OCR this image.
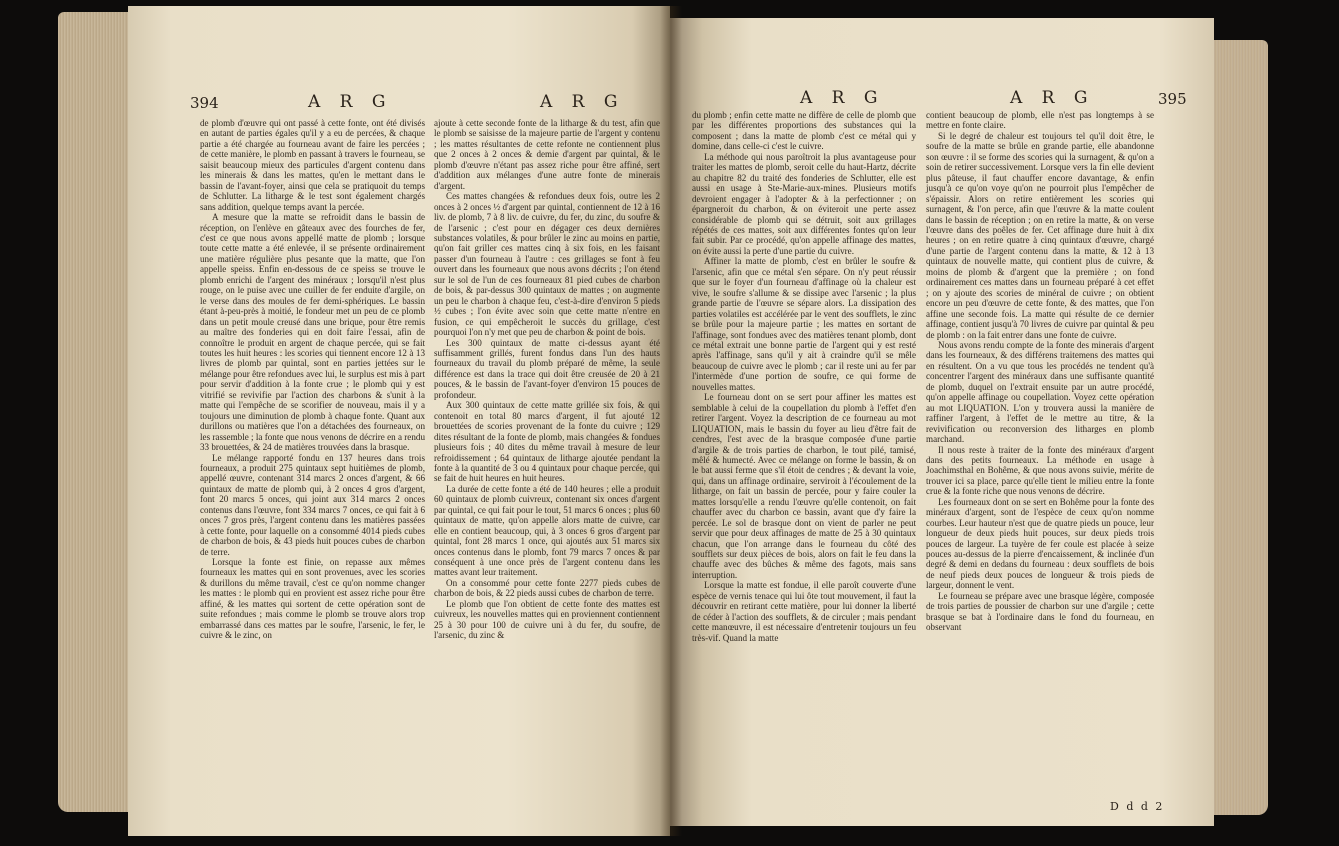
394	A R G	A R G

de plomb d'œuvre qui ont passé à cette fonte, ont été divisés en autant de parties égales qu'il y a eu de percées, & chaque partie a été chargée au fourneau avant de faire les percées ; de cette manière, le plomb en passant à travers le fourneau, se saisit beaucoup mieux des particules d'argent contenu dans les minerais & dans les mattes, qu'en le mettant dans le bassin de l'avant-foyer, ainsi que cela se pratiquoit du temps de Schlutter. La litharge & le test sont également chargés sans addition, quelque temps avant la percée.

A mesure que la matte se refroidit dans le bassin de réception, on l'enlève en gâteaux avec des fourches de fer, c'est ce que nous avons appellé matte de plomb ; lorsque toute cette matte a été enlevée, il se présente ordinairement une matière régulière plus pesante que la matte, que l'on appelle speiss. Enfin en-dessous de ce speiss se trouve le plomb enrichi de l'argent des minéraux ; lorsqu'il n'est plus rouge, on le puise avec une cuiller de fer enduite d'argile, on le verse dans des moules de fer demi-sphériques. Le bassin étant à-peu-près à moitié, le fondeur met un peu de ce plomb dans un petit moule creusé dans une brique, pour être remis au maître des fonderies qui en doit faire l'essai, afin de connoître le produit en argent de chaque percée, qui se fait toutes les huit heures : les scories qui tiennent encore 12 à 13 livres de plomb par quintal, sont en parties jettées sur le mélange pour être refondues avec lui, le surplus est mis à part pour servir d'addition à la fonte crue ; le plomb qui y est vitrifié se revivifie par l'action des charbons & s'unit à la matte qui l'empêche de se scorifier de nouveau, mais il y a toujours une diminution de plomb à chaque fonte. Quant aux durillons ou matières que l'on a détachées des fourneaux, on les rassemble ; la fonte que nous venons de décrire en a rendu 33 brouettées, & 24 de matières trouvées dans la brasque.

Le mélange rapporté fondu en 137 heures dans trois fourneaux, a produit 275 quintaux sept huitièmes de plomb, appellé œuvre, contenant 314 marcs 2 onces d'argent, & 66 quintaux de matte de plomb qui, à 2 onces 4 gros d'argent, font 20 marcs 5 onces, qui joint aux 314 marcs 2 onces contenus dans l'œuvre, font 334 marcs 7 onces, ce qui fait à 6 onces 7 gros près, l'argent contenu dans les matières passées à cette fonte, pour laquelle on a consommé 4014 pieds cubes de charbon de bois, & 43 pieds huit pouces cubes de charbon de terre.

Lorsque la fonte est finie, on repasse aux mêmes fourneaux les mattes qui en sont provenues, avec les scories & durillons du même travail, c'est ce qu'on nomme changer les mattes : le plomb qui en provient est assez riche pour être affiné, & les mattes qui sortent de cette opération sont de suite refondues ; mais comme le plomb se trouve alors trop embarrassé dans ces mattes par le soufre, l'arsenic, le fer, le cuivre & le zinc, on

ajoute à cette seconde fonte de la litharge & du test, afin que le plomb se saisisse de la majeure partie de l'argent y contenu ; les mattes résultantes de cette refonte ne contiennent plus que 2 onces à 2 onces & demie d'argent par quintal, & le plomb d'œuvre n'étant pas assez riche pour être affiné, sert d'addition aux mélanges d'une autre fonte de minerais d'argent.

Ces mattes changées & refondues deux fois, outre les 2 onces à 2 onces ½ d'argent par quintal, contiennent de 12 à 16 liv. de plomb, 7 à 8 liv. de cuivre, du fer, du zinc, du soufre & de l'arsenic ; c'est pour en dégager ces deux dernières substances volatiles, & pour brûler le zinc au moins en partie, qu'on fait griller ces mattes cinq à six fois, en les faisant passer d'un fourneau à l'autre : ces grillages se font à feu ouvert dans les fourneaux que nous avons décrits ; l'on étend sur le sol de l'un de ces fourneaux 81 pied cubes de charbon de bois, & par-dessus 300 quintaux de mattes ; on augmente un peu le charbon à chaque feu, c'est-à-dire d'environ 5 pieds ½ cubes ; l'on évite avec soin que cette matte n'entre en fusion, ce qui empêcheroit le succès du grillage, c'est pourquoi l'on n'y met que peu de charbon & point de bois.

Les 300 quintaux de matte ci-dessus ayant été suffisamment grillés, furent fondus dans l'un des hauts fourneaux du travail du plomb préparé de même, la seule différence est dans la trace qui doit être creusée de 20 à 21 pouces, & le bassin de l'avant-foyer d'environ 15 pouces de profondeur.

Aux 300 quintaux de cette matte grillée six fois, & qui contenoit en total 80 marcs d'argent, il fut ajouté 12 brouettées de scories provenant de la fonte du cuivre ; 129 dites résultant de la fonte de plomb, mais changées & fondues plusieurs fois ; 40 dites du même travail à mesure de leur refroidissement ; 64 quintaux de litharge ajoutée pendant la fonte à la quantité de 3 ou 4 quintaux pour chaque percée, qui se fait de huit heures en huit heures.

La durée de cette fonte a été de 140 heures ; elle a produit 60 quintaux de plomb cuivreux, contenant six onces d'argent par quintal, ce qui fait pour le tout, 51 marcs 6 onces ; plus 60 quintaux de matte, qu'on appelle alors matte de cuivre, car elle en contient beaucoup, qui, à 3 onces 6 gros d'argent par quintal, font 28 marcs 1 once, qui ajoutés aux 51 marcs six onces contenus dans le plomb, font 79 marcs 7 onces & par conséquent à une once près de l'argent contenu dans les mattes avant leur traitement.

On a consommé pour cette fonte 2277 pieds cubes de charbon de bois, & 22 pieds aussi cubes de charbon de terre.

Le plomb que l'on obtient de cette fonte des mattes est cuivreux, les nouvelles mattes qui en proviennent contiennent 25 à 30 pour 100 de cuivre uni à du fer, du soufre, de l'arsenic, du zinc &

A R G	A R G	395

du plomb ; enfin cette matte ne diffère de celle de plomb que par les différentes proportions des substances qui la composent ; dans la matte de plomb c'est ce métal qui y domine, dans celle-ci c'est le cuivre.

La méthode qui nous paroîtroit la plus avantageuse pour traiter les mattes de plomb, seroit celle du haut-Hartz, décrite au chapitre 82 du traité des fonderies de Schlutter, elle est aussi en usage à Ste-Marie-aux-mines. Plusieurs motifs devroient engager à l'adopter & à la perfectionner ; on épargneroit du charbon, & on éviteroit une perte assez considérable de plomb qui se détruit, soit aux grillages répétés de ces mattes, soit aux différentes fontes qu'on leur fait subir. Par ce procédé, qu'on appelle affinage des mattes, on évite aussi la perte d'une partie du cuivre.

Affiner la matte de plomb, c'est en brûler le soufre & l'arsenic, afin que ce métal s'en sépare. On n'y peut réussir que sur le foyer d'un fourneau d'affinage où la chaleur est vive, le soufre s'allume & se dissipe avec l'arsenic ; la plus grande partie de l'œuvre se sépare alors. La dissipation des parties volatiles est accélérée par le vent des soufflets, le zinc se brûle pour la majeure partie ; les mattes en sortant de l'affinage, sont fondues avec des matières tenant plomb, dont ce métal extrait une bonne partie de l'argent qui y est resté après l'affinage, sans qu'il y ait à craindre qu'il se mêle beaucoup de cuivre avec le plomb ; car il reste uni au fer par l'intermède d'une portion de soufre, ce qui forme de nouvelles mattes.

Le fourneau dont on se sert pour affiner les mattes est semblable à celui de la coupellation du plomb à l'effet d'en retirer l'argent. Voyez la description de ce fourneau au mot LIQUATION, mais le bassin du foyer au lieu d'être fait de cendres, l'est avec de la brasque composée d'une partie d'argile & de trois parties de charbon, le tout pilé, tamisé, mêlé & humecté. Avec ce mélange on forme le bassin, & on le bat aussi ferme que s'il étoit de cendres ; & devant la voie, qui, dans un affinage ordinaire, serviroit à l'écoulement de la litharge, on fait un bassin de percée, pour y faire couler la mattes lorsqu'elle a rendu l'œuvre qu'elle contenoit, on fait chauffer avec du charbon ce bassin, avant que d'y faire la percée. Le sol de brasque dont on vient de parler ne peut servir que pour deux affinages de matte de 25 à 30 quintaux chacun, que l'on arrange dans le fourneau du côté des soufflets sur deux pièces de bois, alors on fait le feu dans la chauffe avec des bûches & même des fagots, mais sans interruption.

Lorsque la matte est fondue, il elle paroît couverte d'une espèce de vernis tenace qui lui ôte tout mouvement, il faut la découvrir en retirant cette matière, pour lui donner la liberté de céder à l'action des soufflets, & de circuler ; mais pendant cette manœuvre, il est nécessaire d'entretenir toujours un feu très-vif. Quand la matte

contient beaucoup de plomb, elle n'est pas longtemps à se mettre en fonte claire.

Si le degré de chaleur est toujours tel qu'il doit être, le soufre de la matte se brûle en grande partie, elle abandonne son œuvre : il se forme des scories qui la surnagent, & qu'on a soin de retirer successivement. Lorsque vers la fin elle devient plus pâteuse, il faut chauffer encore davantage, & enfin jusqu'à ce qu'on voye qu'on ne pourroit plus l'empêcher de s'épaissir. Alors on retire entièrement les scories qui surnagent, & l'on perce, afin que l'œuvre & la matte coulent dans le bassin de réception ; on en retire la matte, & on verse l'œuvre dans des poêles de fer. Cet affinage dure huit à dix heures ; on en retire quatre à cinq quintaux d'œuvre, chargé d'une partie de l'argent contenu dans la matte, & 12 à 13 quintaux de nouvelle matte, qui contient plus de cuivre, & moins de plomb & d'argent que la première ; on fond ordinairement ces mattes dans un fourneau préparé à cet effet ; on y ajoute des scories de minéral de cuivre ; on obtient encore un peu d'œuvre de cette fonte, & des mattes, que l'on affine une seconde fois. La matte qui résulte de ce dernier affinage, contient jusqu'à 70 livres de cuivre par quintal & peu de plomb : on la fait entrer dans une fonte de cuivre.

Nous avons rendu compte de la fonte des minerais d'argent dans les fourneaux, & des différens traitemens des mattes qui en résultent. On a vu que tous les procédés ne tendent qu'à concentrer l'argent des minéraux dans une suffisante quantité de plomb, duquel on l'extrait ensuite par un autre procédé, qu'on appelle affinage ou coupellation. Voyez cette opération au mot LIQUATION. L'on y trouvera aussi la manière de raffiner l'argent, à l'effet de le mettre au titre, & la revivification ou reconversion des litharges en plomb marchand.

Il nous reste à traiter de la fonte des minéraux d'argent dans des petits fourneaux. La méthode en usage à Joachimsthal en Bohême, & que nous avons suivie, mérite de trouver ici sa place, parce qu'elle tient le milieu entre la fonte crue & la fonte riche que nous venons de décrire.

Les fourneaux dont on se sert en Bohême pour la fonte des minéraux d'argent, sont de l'espèce de ceux qu'on nomme courbes. Leur hauteur n'est que de quatre pieds un pouce, leur longueur de deux pieds huit pouces, sur deux pieds trois pouces de largeur. La tuyère de fer coule est placée à seize pouces au-dessus de la pierre d'encaissement, & inclinée d'un degré & demi en dedans du fourneau : deux soufflets de bois de neuf pieds deux pouces de longueur & trois pieds de largeur, donnent le vent.

Le fourneau se prépare avec une brasque légère, composée de trois parties de poussier de charbon sur une d'argile ; cette brasque se bat à l'ordinaire dans le fond du fourneau, en observant

D d d 2
